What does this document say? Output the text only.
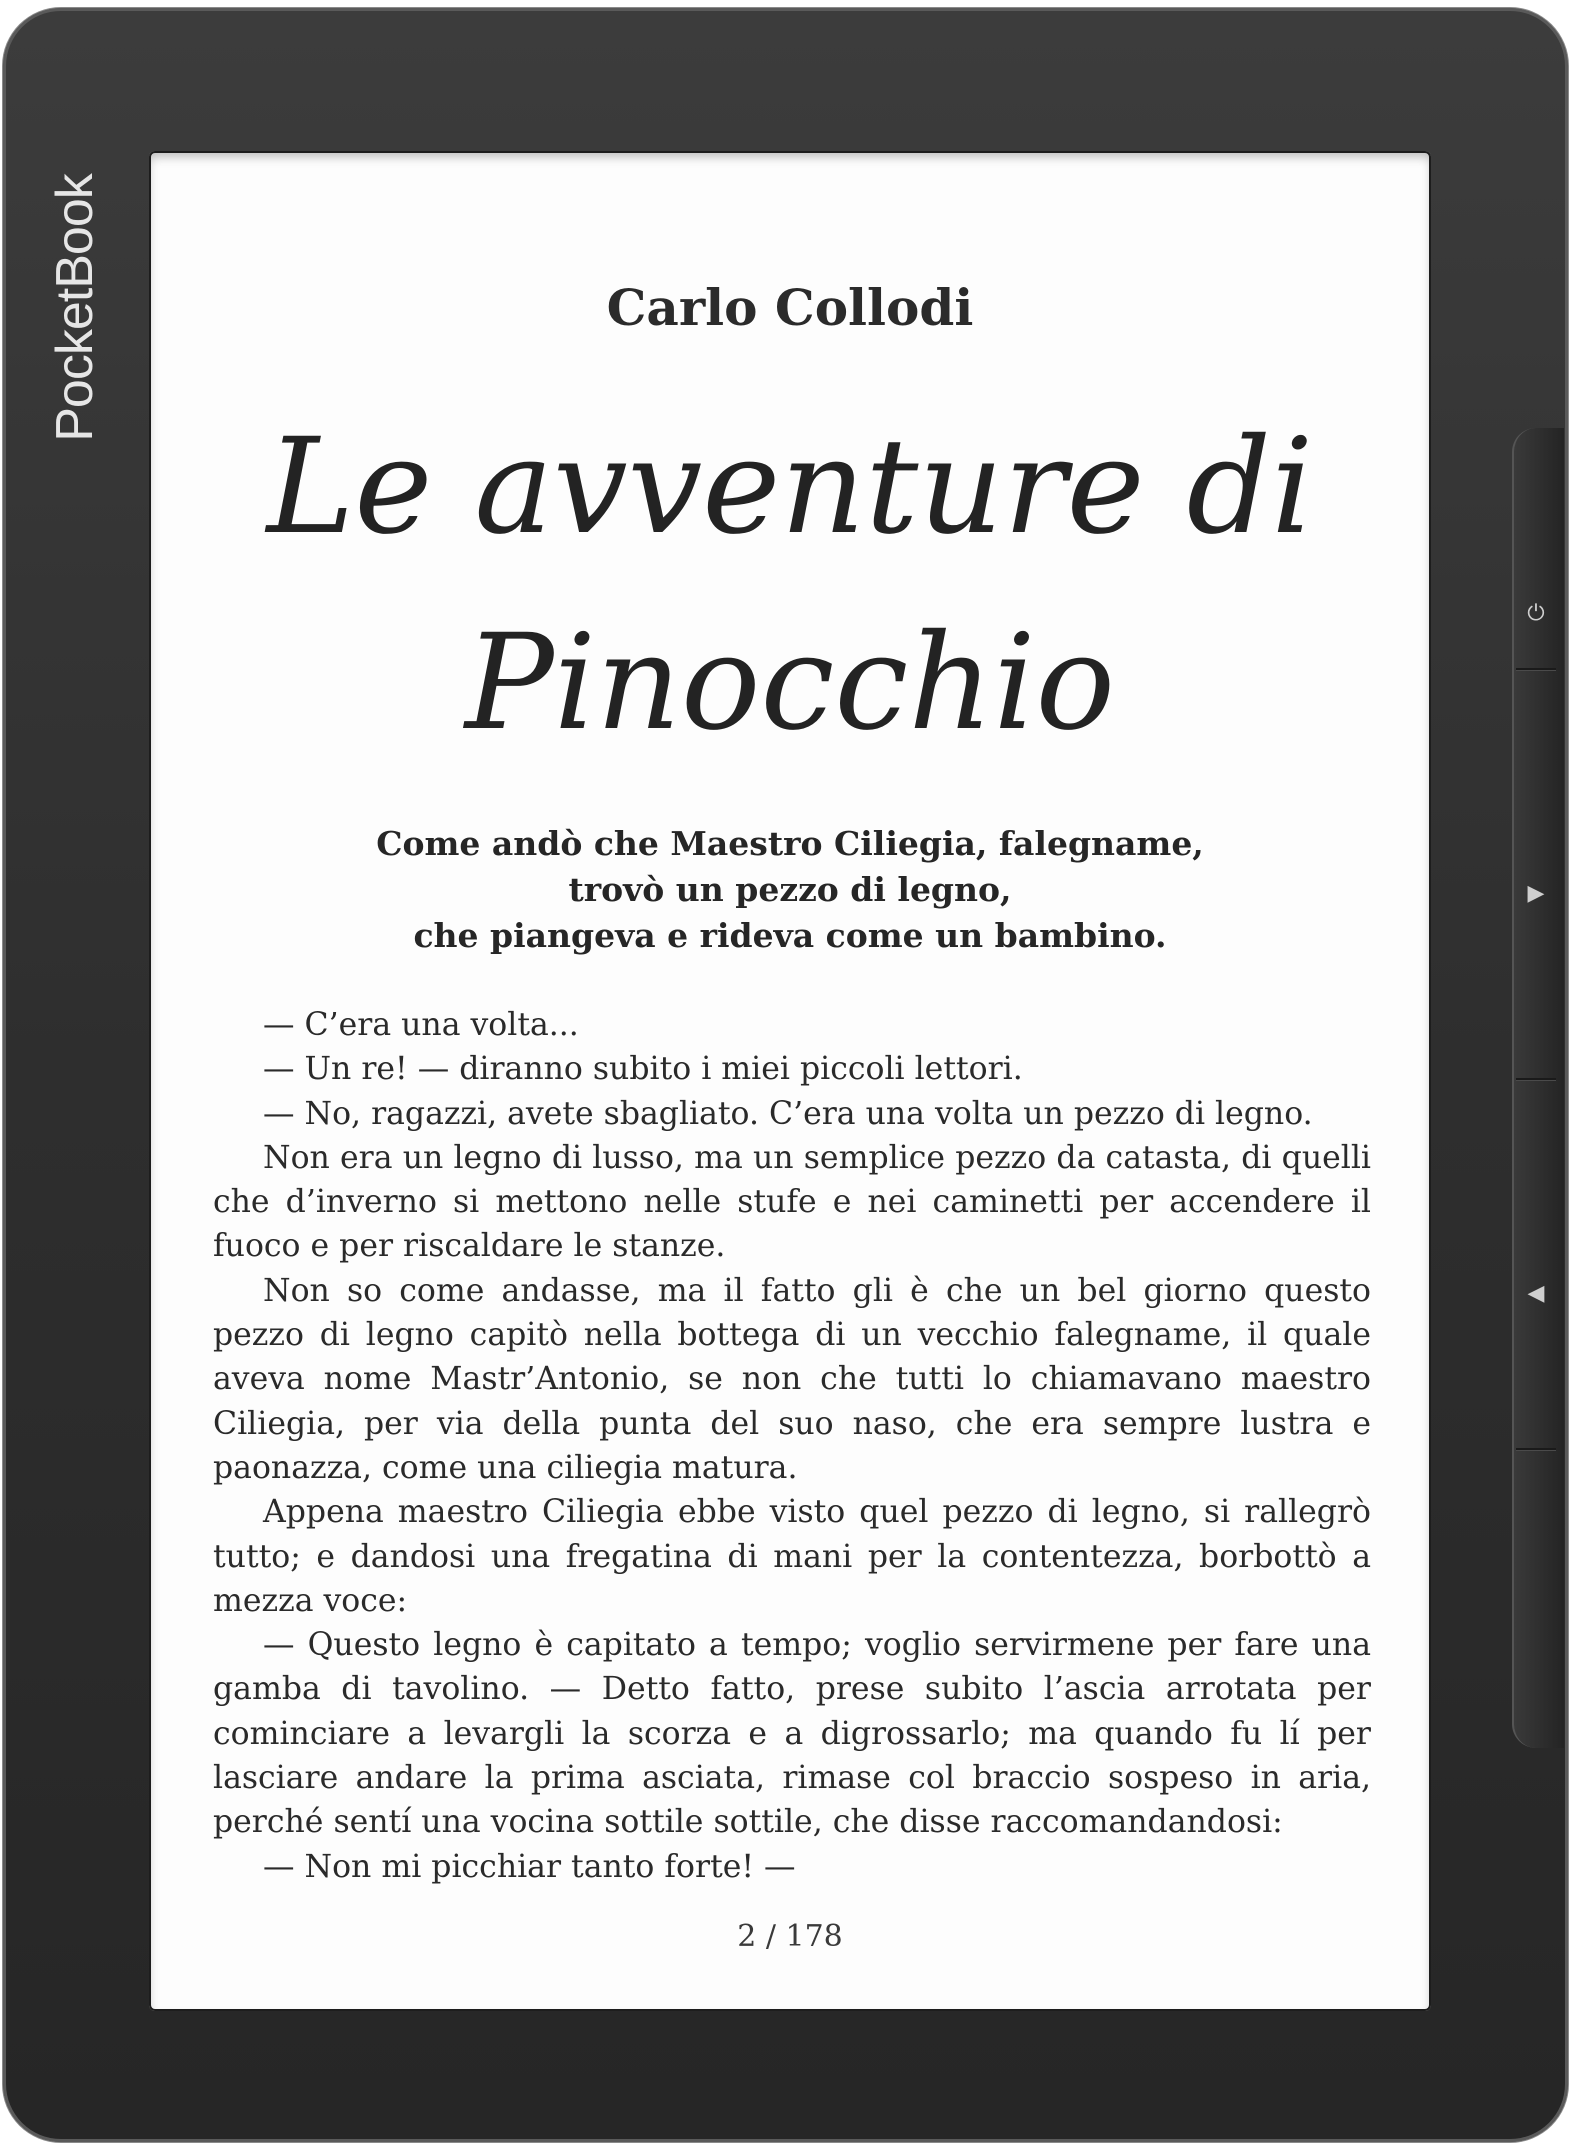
PocketBook
⏻
▶
◀
Carlo Collodi
Le avventure di
Pinocchio
Come andò che Maestro Ciliegia, falegname,
trovò un pezzo di legno,
che piangeva e rideva come un bambino.

— C’era una volta...

— Un re! — diranno subito i miei piccoli lettori.

— No, ragazzi, avete sbagliato. C’era una volta un pezzo di legno.

Non era un legno di lusso, ma un semplice pezzo da catasta, di quelli che d’inverno si mettono nelle stufe e nei caminetti per accendere il fuoco e per riscaldare le stanze.

Non so come andasse, ma il fatto gli è che un bel giorno questo pezzo di legno capitò nella bottega di un vecchio falegname, il quale aveva nome Mastr’Antonio, se non che tutti lo chiamavano maestro Ciliegia, per via della punta del suo naso, che era sempre lustra e paonazza, come una ciliegia matura.

Appena maestro Ciliegia ebbe visto quel pezzo di legno, si rallegrò tutto; e dandosi una fregatina di mani per la contentezza, borbottò a mezza voce:

— Questo legno è capitato a tempo; voglio servirmene per fare una gamba di tavolino. — Detto fatto, prese subito l’ascia arrotata per cominciare a levargli la scorza e a digrossarlo; ma quando fu lí per lasciare andare la prima asciata, rimase col braccio sospeso in aria, perché sentí una vocina sottile sottile, che disse raccomandandosi:

— Non mi picchiar tanto forte! —

2 / 178
